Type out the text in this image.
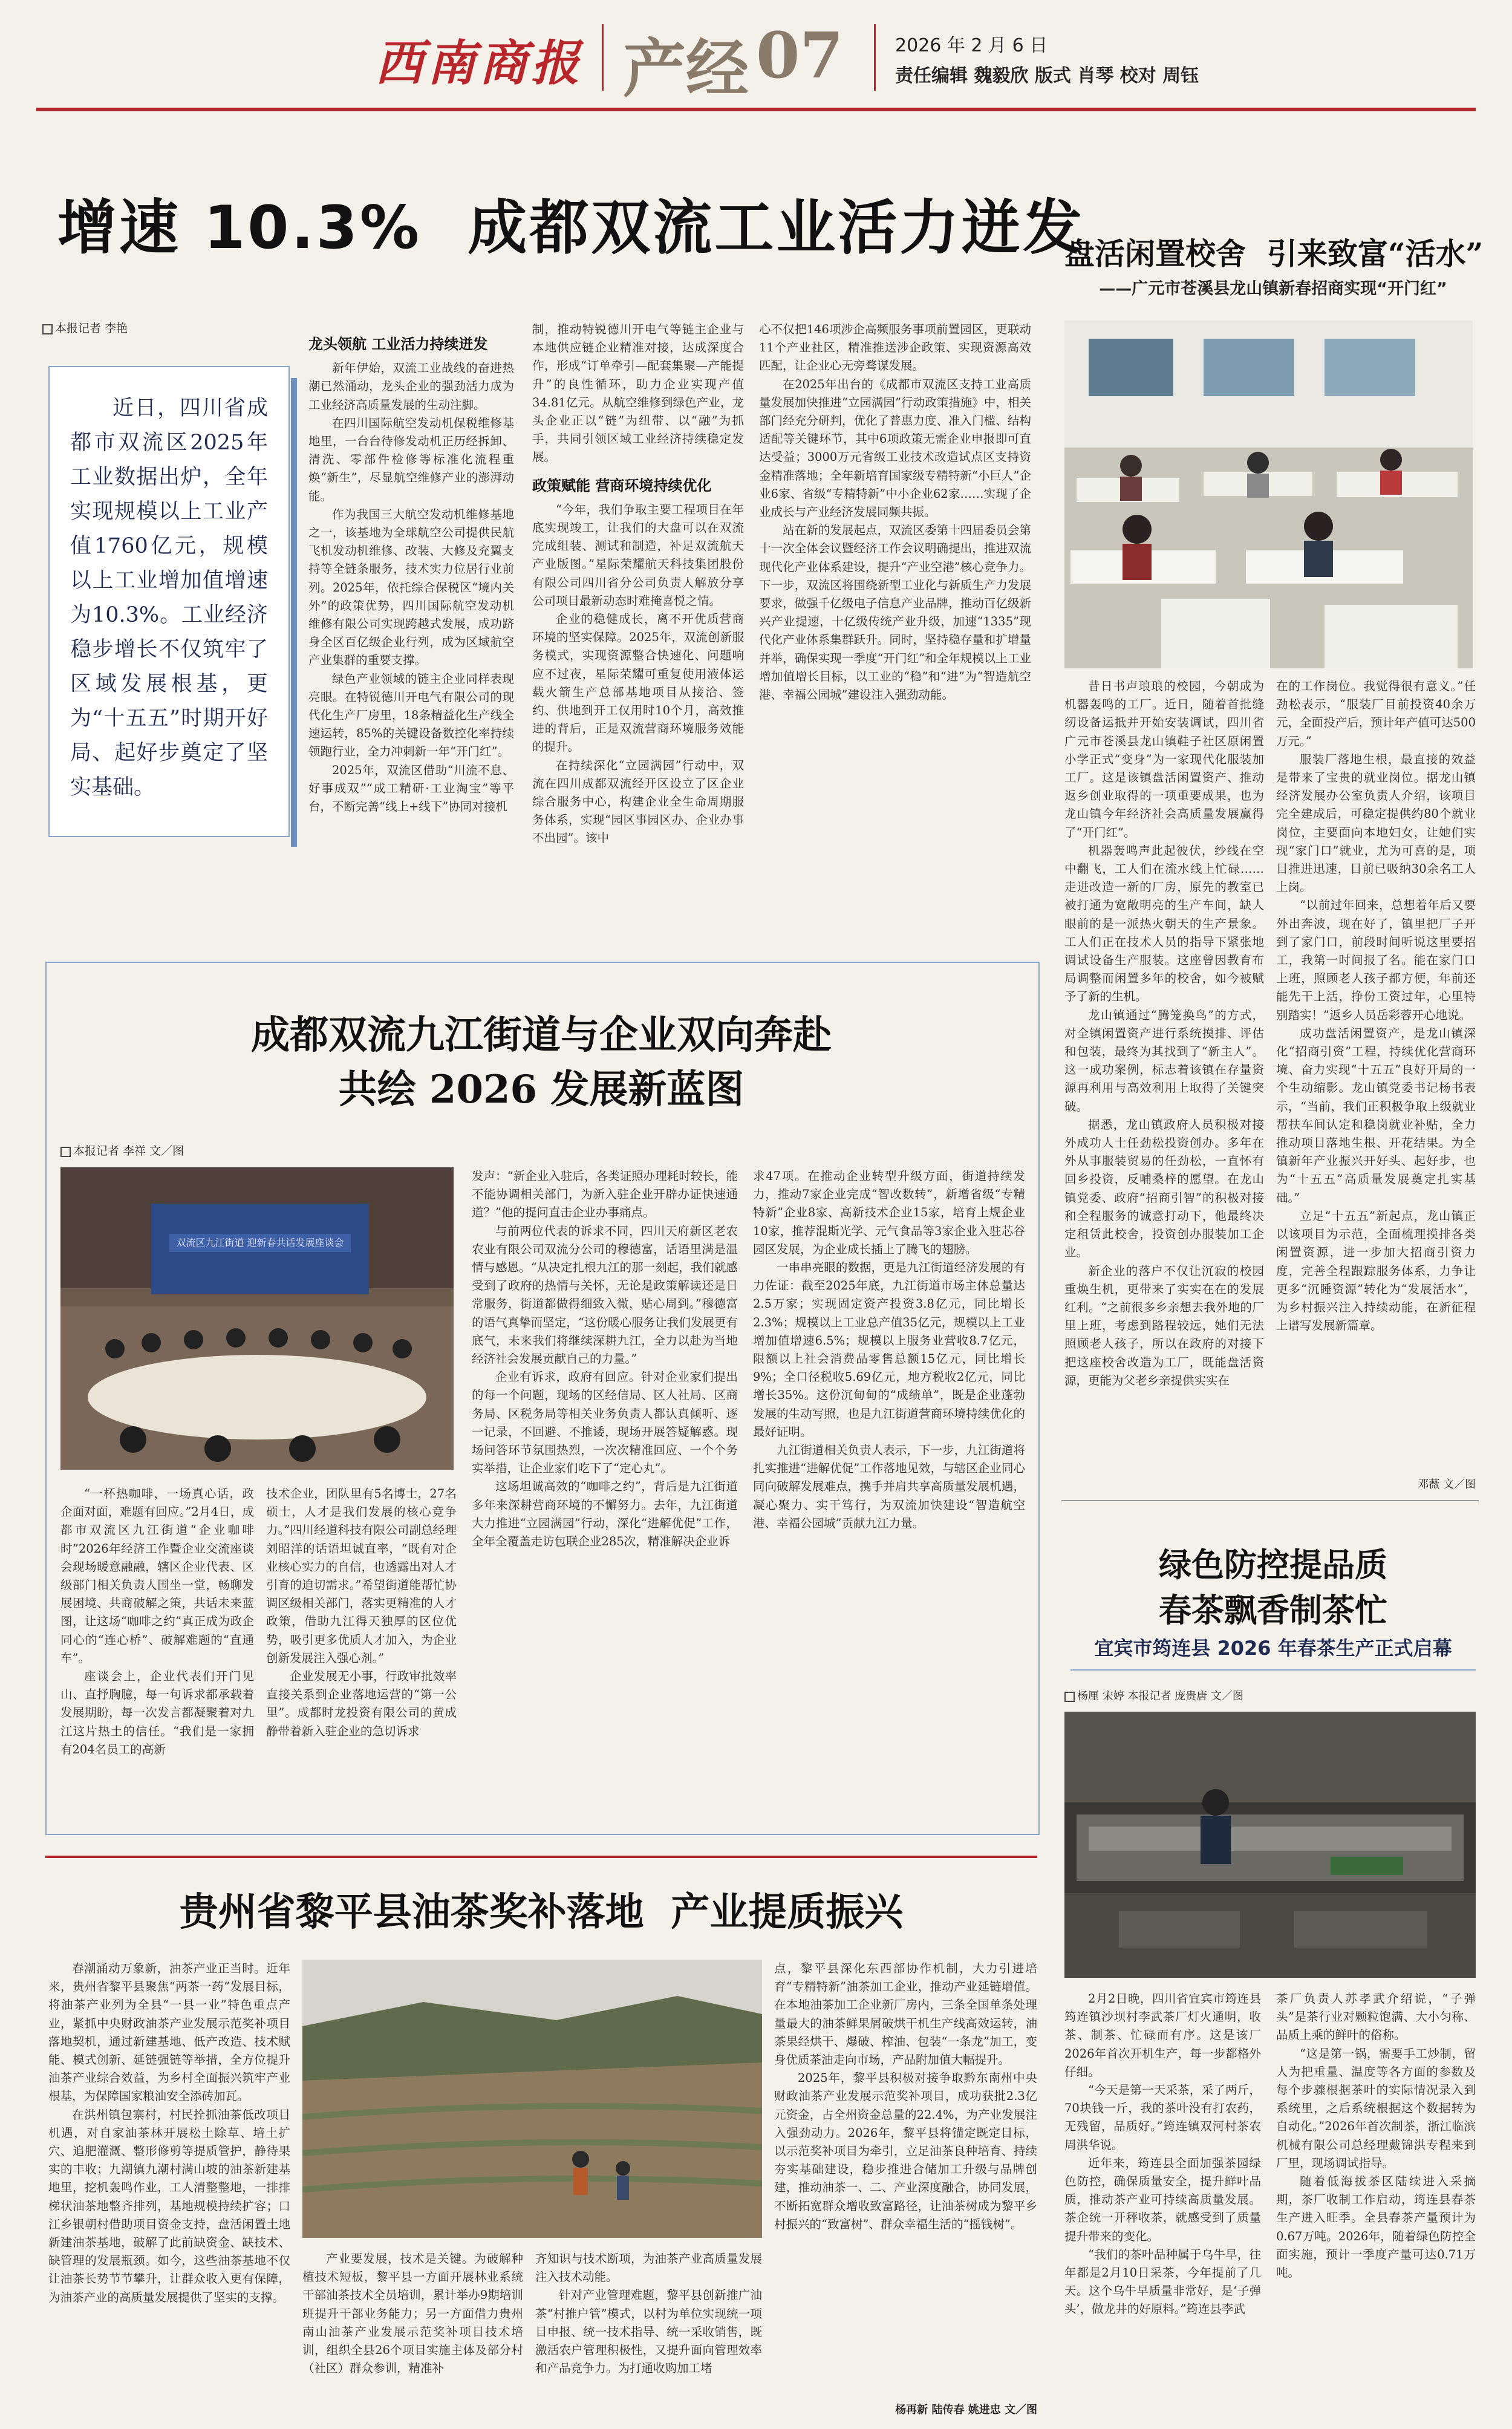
西南商报 产经 07	2026 年 2 月 6 日
责任编辑 魏毅欣 版式 肖琴 校对 周钰
增速 10.3%  成都双流工业活力迸发
本报记者 李艳
近日，四川省成都市双流区2025年工业数据出炉，全年实现规模以上工业产值1760亿元，规模以上工业增加值增速为10.3%。工业经济稳步增长不仅筑牢了区域发展根基，更为“十五五”时期开好局、起好步奠定了坚实基础。
龙头领航 工业活力持续迸发

新年伊始，双流工业战线的奋进热潮已然涌动，龙头企业的强劲活力成为工业经济高质量发展的生动注脚。

在四川国际航空发动机保税维修基地里，一台台待修发动机正历经拆卸、清洗、零部件检修等标准化流程重焕“新生”，尽显航空维修产业的澎湃动能。

作为我国三大航空发动机维修基地之一，该基地为全球航空公司提供民航飞机发动机维修、改装、大修及充翼支持等全链条服务，技术实力位居行业前列。2025年，依托综合保税区“境内关外”的政策优势，四川国际航空发动机维修有限公司实现跨越式发展，成功跻身全区百亿级企业行列，成为区域航空产业集群的重要支撑。

绿色产业领域的链主企业同样表现亮眼。在特锐德川开电气有限公司的现代化生产厂房里，18条精益化生产线全速运转，85%的关键设备数控化率持续领跑行业，全力冲刺新一年“开门红”。

2025年，双流区借助“川流不息、好事成双”“成工精研·工业淘宝”等平台，不断完善“线上+线下”协同对接机

制，推动特锐德川开电气等链主企业与本地供应链企业精准对接，达成深度合作，形成“订单牵引—配套集聚—产能提升”的良性循环，助力企业实现产值34.81亿元。从航空维修到绿色产业，龙头企业正以“链”为纽带、以“融”为抓手，共同引领区域工业经济持续稳定发展。

政策赋能 营商环境持续优化

“今年，我们争取主要工程项目在年底实现竣工，让我们的大盘可以在双流完成组装、测试和制造，补足双流航天产业版图。”星际荣耀航天科技集团股份有限公司四川省分公司负责人解放分享公司项目最新动态时难掩喜悦之情。

企业的稳健成长，离不开优质营商环境的坚实保障。2025年，双流创新服务模式，实现资源整合快速化、问题响应不过夜，星际荣耀可重复使用液体运载火箭生产总部基地项目从接洽、签约、供地到开工仅用时10个月，高效推进的背后，正是双流营商环境服务效能的提升。

在持续深化“立园满园”行动中，双流在四川成都双流经开区设立了区企业综合服务中心，构建企业全生命周期服务体系，实现“园区事园区办、企业办事不出园”。该中

心不仅把146项涉企高频服务事项前置园区，更联动11个产业社区，精准推送涉企政策、实现资源高效匹配，让企业心无旁骛谋发展。

在2025年出台的《成都市双流区支持工业高质量发展加快推进“立园满园”行动政策措施》中，相关部门经充分研判，优化了普惠力度、准入门槛、结构适配等关键环节，其中6项政策无需企业申报即可直达受益；3000万元省级工业技术改造试点区支持资金精准落地；全年新培育国家级专精特新“小巨人”企业6家、省级“专精特新”中小企业62家……实现了企业成长与产业经济发展同频共振。

站在新的发展起点，双流区委第十四届委员会第十一次全体会议暨经济工作会议明确提出，推进双流现代化产业体系建设，提升“产业空港”核心竞争力。下一步，双流区将围绕新型工业化与新质生产力发展要求，做强千亿级电子信息产业品牌，推动百亿级新兴产业提速，十亿级传统产业升级，加速“1335”现代化产业体系集群跃升。同时，坚持稳存量和扩增量并举，确保实现一季度“开门红”和全年规模以上工业增加值增长目标，以工业的“稳”和“进”为“智造航空港、幸福公园城”建设注入强劲动能。

盘活闲置校舍  引来致富“活水”
——广元市苍溪县龙山镇新春招商实现“开门红”

昔日书声琅琅的校园，今朝成为机器轰鸣的工厂。近日，随着首批缝纫设备运抵并开始安装调试，四川省广元市苍溪县龙山镇鞋子社区原闲置小学正式“变身”为一家现代化服装加工厂。这是该镇盘活闲置资产、推动返乡创业取得的一项重要成果，也为龙山镇今年经济社会高质量发展赢得了“开门红”。

机器轰鸣声此起彼伏，纱线在空中翻飞，工人们在流水线上忙碌……走进改造一新的厂房，原先的教室已被打通为宽敞明亮的生产车间，缺人眼前的是一派热火朝天的生产景象。工人们正在技术人员的指导下紧张地调试设备生产服装。这座曾因教育布局调整而闲置多年的校舍，如今被赋予了新的生机。

龙山镇通过“腾笼换鸟”的方式，对全镇闲置资产进行系统摸排、评估和包装，最终为其找到了“新主人”。这一成功案例，标志着该镇在存量资源再利用与高效利用上取得了关键突破。

据悉，龙山镇政府人员积极对接外成功人士任劲松投资创办。多年在外从事服装贸易的任劲松，一直怀有回乡投资，反哺桑梓的愿望。在龙山镇党委、政府“招商引智”的积极对接和全程服务的诚意打动下，他最终决定租赁此校舍，投资创办服装加工企业。

新企业的落户不仅让沉寂的校园重焕生机，更带来了实实在在的发展红利。“之前很多乡亲想去我外地的厂里上班，考虑到路程较远，她们无法照顾老人孩子，所以在政府的对接下把这座校舍改造为工厂，既能盘活资源，更能为父老乡亲提供实实在

在的工作岗位。我觉得很有意义。”任劲松表示，“服装厂目前投资40余万元，全面投产后，预计年产值可达500万元。”

服装厂落地生根，最直接的效益是带来了宝贵的就业岗位。据龙山镇经济发展办公室负责人介绍，该项目完全建成后，可稳定提供约80个就业岗位，主要面向本地妇女，让她们实现“家门口”就业，尤为可喜的是，项目推进迅速，目前已吸纳30余名工人上岗。

“以前过年回来，总想着年后又要外出奔波，现在好了，镇里把厂子开到了家门口，前段时间听说这里要招工，我第一时间报了名。能在家门口上班，照顾老人孩子都方便，年前还能先干上活，挣份工资过年，心里特别踏实！”返乡人员岳彩蓉开心地说。

成功盘活闲置资产，是龙山镇深化“招商引资”工程，持续优化营商环境、奋力实现“十五五”良好开局的一个生动缩影。龙山镇党委书记杨书表示，“当前，我们正积极争取上级就业帮扶车间认定和稳岗就业补贴，全力推动项目落地生根、开花结果。为全镇新年产业振兴开好头、起好步，也为“十五五”高质量发展奠定扎实基础。”

立足“十五五”新起点，龙山镇正以该项目为示范，全面梳理摸排各类闲置资源，进一步加大招商引资力度，完善全程跟踪服务体系，力争让更多“沉睡资源”转化为“发展活水”，为乡村振兴注入持续动能，在新征程上谱写发展新篇章。

邓薇 文／图
成都双流九江街道与企业双向奔赴
共绘 2026 发展新蓝图
本报记者 李祥 文／图
双流区九江街道 迎新春共话发展座谈会

“一杯热咖啡，一场真心话，政企面对面，难题有回应。”2月4日，成都市双流区九江街道“企业咖啡时”2026年经济工作暨企业交流座谈会现场暖意融融，辖区企业代表、区级部门相关负责人围坐一堂，畅聊发展困境、共商破解之策，共话未来蓝图，让这场“咖啡之约”真正成为政企同心的“连心桥”、破解难题的“直通车”。

座谈会上，企业代表们开门见山、直抒胸臆，每一句诉求都承载着发展期盼，每一次发言都凝聚着对九江这片热土的信任。“我们是一家拥有204名员工的高新

技术企业，团队里有5名博士，27名硕士，人才是我们发展的核心竞争力。”四川经道科技有限公司副总经理刘昭洋的话语坦诚直率，“既有对企业核心实力的自信，也透露出对人才引育的迫切需求。”希望街道能帮忙协调区级相关部门，落实更精准的人才政策，借助九江得天独厚的区位优势，吸引更多优质人才加入，为企业创新发展注入强心剂。”

企业发展无小事，行政审批效率直接关系到企业落地运营的“第一公里”。成都时龙投资有限公司的黄成静带着新入驻企业的急切诉求

发声：“新企业入驻后，各类证照办理耗时较长，能不能协调相关部门，为新入驻企业开辟办证快速通道？”他的提问直击企业办事痛点。

与前两位代表的诉求不同，四川天府新区老农农业有限公司双流分公司的穆德富，话语里满是温情与感恩。“从决定扎根九江的那一刻起，我们就感受到了政府的热情与关怀，无论是政策解读还是日常服务，街道都做得细致入微，贴心周到。”穆德富的语气真挚而坚定，“这份暖心服务让我们发展更有底气，未来我们将继续深耕九江，全力以赴为当地经济社会发展贡献自己的力量。”

企业有诉求，政府有回应。针对企业家们提出的每一个问题，现场的区经信局、区人社局、区商务局、区税务局等相关业务负责人都认真倾听、逐一记录，不回避、不推诿，现场开展答疑解惑。现场问答环节氛围热烈，一次次精准回应、一个个务实举措，让企业家们吃下了“定心丸”。

这场坦诚高效的“咖啡之约”，背后是九江街道多年来深耕营商环境的不懈努力。去年，九江街道大力推进“立园满园”行动，深化“进解优促”工作，全年全覆盖走访包联企业285次，精准解决企业诉

求47项。在推动企业转型升级方面，街道持续发力，推动7家企业完成“智改数转”，新增省级“专精特新”企业8家、高新技术企业15家，培育上规企业10家，推荐混斯光学、元气食品等3家企业入驻芯谷园区发展，为企业成长插上了腾飞的翅膀。

一串串亮眼的数据，更是九江街道经济发展的有力佐证：截至2025年底，九江街道市场主体总量达2.5万家；实现固定资产投资3.8亿元，同比增长2.3%；规模以上工业总产值35亿元，规模以上工业增加值增速6.5%；规模以上服务业营收8.7亿元，限额以上社会消费品零售总额15亿元，同比增长9%；全口径税收5.69亿元，地方税收2亿元，同比增长35%。这份沉甸甸的“成绩单”，既是企业蓬勃发展的生动写照，也是九江街道营商环境持续优化的最好证明。

九江街道相关负责人表示，下一步，九江街道将扎实推进“进解优促”工作落地见效，与辖区企业同心同向破解发展难点，携手并肩共享高质量发展机遇，凝心聚力、实干笃行，为双流加快建设“智造航空港、幸福公园城”贡献九江力量。

绿色防控提品质
春茶飘香制茶忙
宜宾市筠连县 2026 年春茶生产正式启幕
杨厘 宋婷 本报记者 庞贵唐 文／图

2月2日晚，四川省宜宾市筠连县筠连镇沙坝村李武茶厂灯火通明，收茶、制茶、忙碌而有序。这是该厂2026年首次开机生产，每一步都格外仔细。

“今天是第一天采茶，采了两斤，70块钱一斤，我的茶叶没有打农药，无残留，品质好。”筠连镇双河村茶农周洪华说。

近年来，筠连县全面加强茶园绿色防控，确保质量安全，提升鲜叶品质，推动茶产业可持续高质量发展。茶企统一开秤收茶，就感受到了质量提升带来的变化。

“我们的茶叶品种属于乌牛早，往年都是2月10日采茶，今年提前了几天。这个乌牛早质量非常好，是‘子弹头’，做龙井的好原料。”筠连县李武

茶厂负责人苏孝武介绍说，“子弹头”是茶行业对颗粒饱满、大小匀称、品质上乘的鲜叶的俗称。

“这是第一锅，需要手工炒制，留人为把重量、温度等各方面的参数及每个步骤根据茶叶的实际情况录入到系统里，之后系统根据这个数据转为自动化。”2026年首次制茶，浙江临滨机械有限公司总经理戴锦洪专程来到厂里，现场调试指导。

随着低海拔茶区陆续进入采摘期，茶厂收制工作启动，筠连县春茶生产进入旺季。全县春茶产量预计为0.67万吨。2026年，随着绿色防控全面实施，预计一季度产量可达0.71万吨。

贵州省黎平县油茶奖补落地  产业提质振兴

春潮涌动万象新，油茶产业正当时。近年来，贵州省黎平县聚焦“两茶一药”发展目标，将油茶产业列为全县“一县一业”特色重点产业，紧抓中央财政油茶产业发展示范奖补项目落地契机，通过新建基地、低产改造、技术赋能、模式创新、延链强链等举措，全方位提升油茶产业综合效益，为乡村全面振兴筑牢产业根基，为保障国家粮油安全添砖加瓦。

在洪州镇包寨村，村民拴抓油茶低改项目机遇，对自家油茶林开展松土除草、培土扩穴、追肥灌溉、整形修剪等提质管护，静待果实的丰收；九潮镇九潮村满山坡的油茶新建基地里，挖机轰鸣作业，工人清整整地，一排排梯状油茶地整齐排列，基地规模持续扩容；口江乡银朝村借助项目资金支持，盘活闲置土地新建油茶基地，破解了此前缺资金、缺技术、缺管理的发展瓶颈。如今，这些油茶基地不仅让油茶长势节节攀升，让群众收入更有保障，为油茶产业的高质量发展提供了坚实的支撑。

产业要发展，技术是关键。为破解种植技术短板，黎平县一方面开展林业系统干部油茶技术全员培训，累计举办9期培训班提升干部业务能力；另一方面借力贵州南山油茶产业发展示范奖补项目技术培训，组织全县26个项目实施主体及部分村（社区）群众参训，精准补

齐知识与技术断项，为油茶产业高质量发展注入技术动能。

针对产业管理难题，黎平县创新推广油茶“村推户管”模式，以村为单位实现统一项目申报、统一技术指导、统一采收销售，既激活农户管理积极性，又提升面向管理效率和产品竞争力。为打通收购加工堵

点，黎平县深化东西部协作机制，大力引进培育“专精特新”油茶加工企业，推动产业延链增值。在本地油茶加工企业新厂房内，三条全国单条处理量最大的油茶鲜果屑破烘干机生产线高效运转，油茶果经烘干、爆破、榨油、包装“一条龙”加工，变身优质茶油走向市场，产品附加值大幅提升。

2025年，黎平县积极对接争取黔东南州中央财政油茶产业发展示范奖补项目，成功获批2.3亿元资金，占全州资金总量的22.4%，为产业发展注入强劲动力。2026年，黎平县将锚定既定目标，以示范奖补项目为牵引，立足油茶良种培育、持续夯实基础建设，稳步推进合储加工升级与品牌创建，推动油茶一、二、产业深度融合，协同发展，不断拓宽群众增收致富路径，让油茶树成为黎平乡村振兴的“致富树”、群众幸福生活的“摇钱树”。

杨再新 陆传春 姚进忠 文／图
